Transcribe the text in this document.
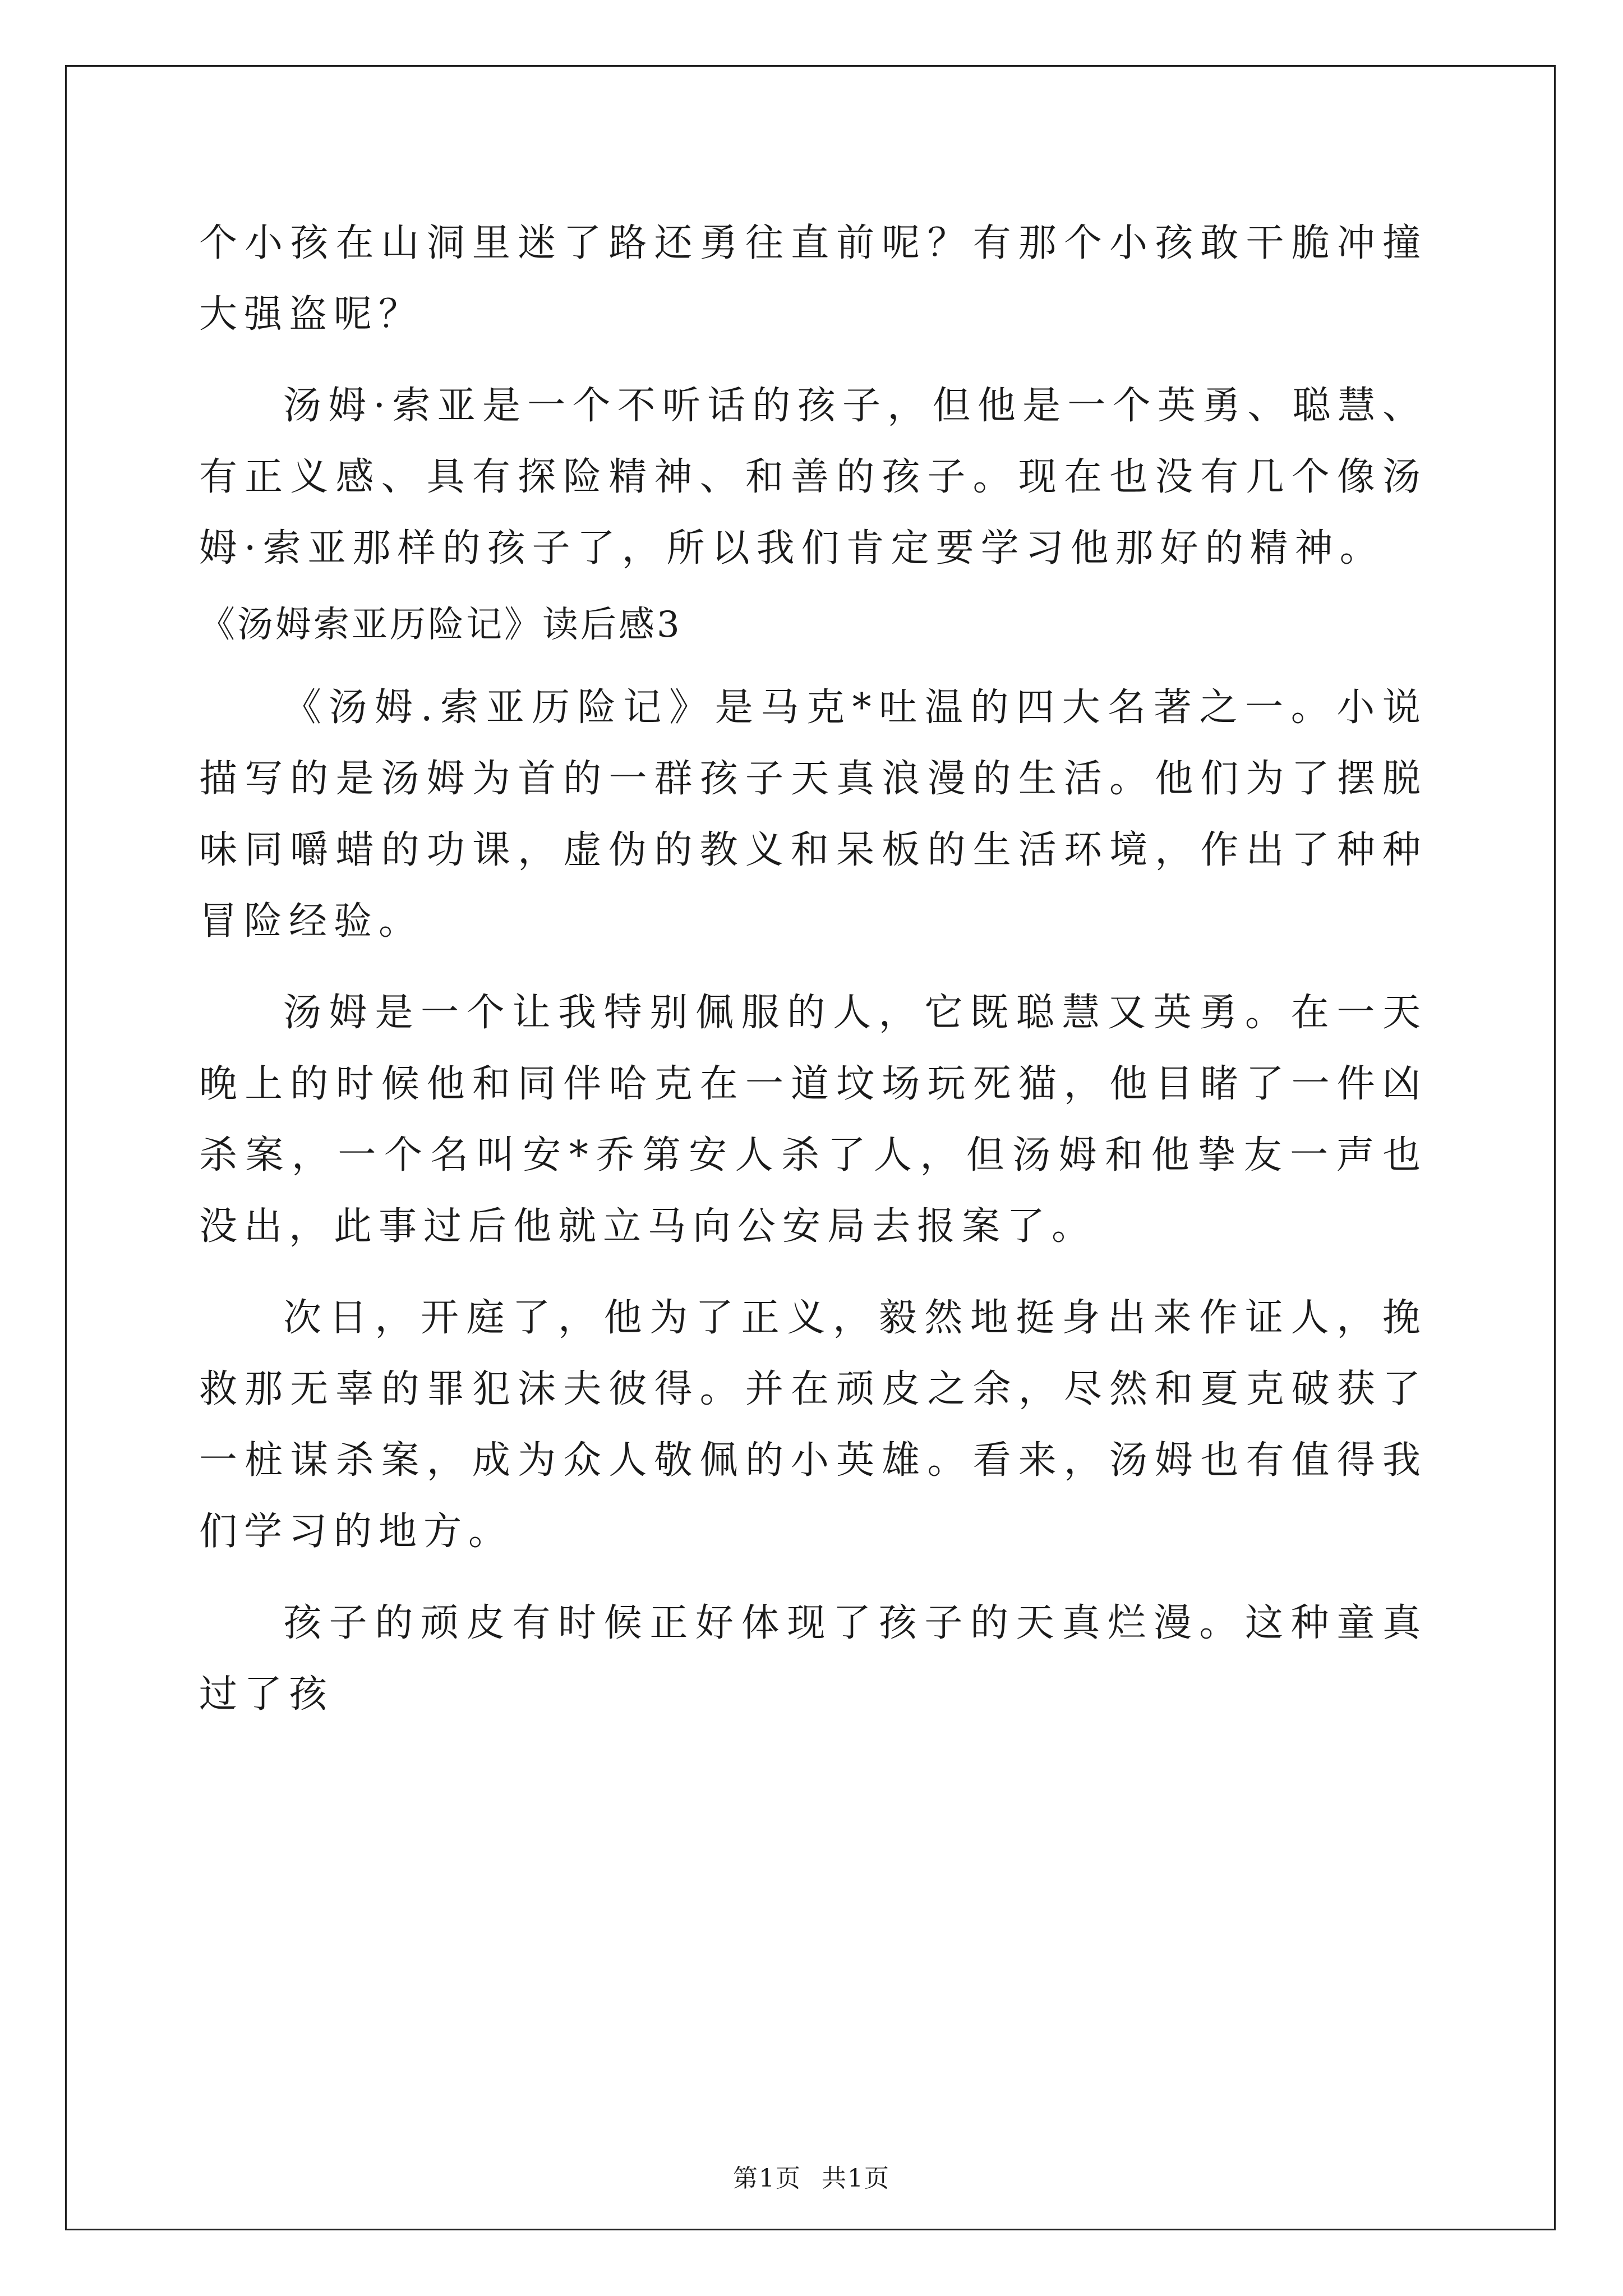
个小孩在山洞里迷了路还勇往直前呢？有那个小孩敢干脆冲撞大强盗呢？

汤姆·索亚是一个不听话的孩子，但他是一个英勇、聪慧、有正义感、具有探险精神、和善的孩子。现在也没有几个像汤姆·索亚那样的孩子了，所以我们肯定要学习他那好的精神。

《汤姆索亚历险记》读后感3

《汤姆.索亚历险记》是马克*吐温的四大名著之一。小说描写的是汤姆为首的一群孩子天真浪漫的生活。他们为了摆脱味同嚼蜡的功课，虚伪的教义和呆板的生活环境，作出了种种冒险经验。

汤姆是一个让我特别佩服的人，它既聪慧又英勇。在一天晚上的时候他和同伴哈克在一道坟场玩死猫，他目睹了一件凶杀案，一个名叫安*乔第安人杀了人，但汤姆和他挚友一声也没出，此事过后他就立马向公安局去报案了。

次日，开庭了，他为了正义，毅然地挺身出来作证人，挽救那无辜的罪犯沫夫彼得。并在顽皮之余，尽然和夏克破获了一桩谋杀案，成为众人敬佩的小英雄。看来，汤姆也有值得我们学习的地方。

孩子的顽皮有时候正好体现了孩子的天真烂漫。这种童真过了孩

第1页 共1页
